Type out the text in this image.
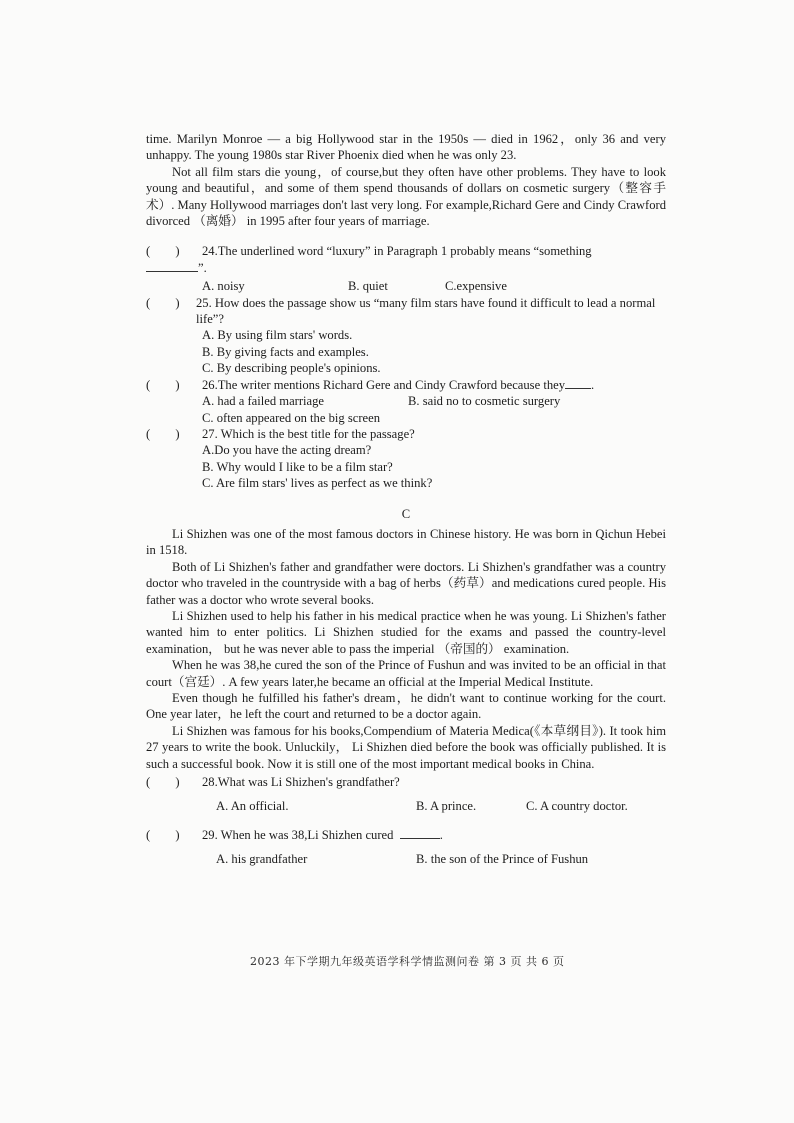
time. Marilyn Monroe — a big Hollywood star in the 1950s — died in 1962，only 36 and very unhappy. The young 1980s star River Phoenix died when he was only 23.

Not all film stars die young，of course,but they often have other problems. They have to look young and beautiful，and some of them spend thousands of dollars on cosmetic surgery（整容手术）. Many Hollywood marriages don't last very long. For example,Richard Gere and Cindy Crawford divorced （离婚） in 1995 after four years of marriage.

(　　)	24.The underlined word “luxury” in Paragraph 1 probably means “something

”.

A. noisy	B. quiet	C.expensive
(　　)	25. How does the passage show us “many film stars have found it difficult to lead a normal life”?

A. By using film stars' words.

B. By giving facts and examples.

C. By describing people's opinions.

(　　)	26.The writer mentions Richard Gere and Cindy Crawford because they .
A. had a failed marriage	B. said no to cosmetic surgery

C. often appeared on the big screen

(　　)	27. Which is the best title for the passage?

A.Do you have the acting dream?

B. Why would I like to be a film star?

C. Are film stars' lives as perfect as we think?

C

Li Shizhen was one of the most famous doctors in Chinese history. He was born in Qichun Hebei in 1518.

Both of Li Shizhen's father and grandfather were doctors. Li Shizhen's grandfather was a country doctor who traveled in the countryside with a bag of herbs（药草）and medications cured people. His father was a doctor who wrote several books.

Li Shizhen used to help his father in his medical practice when he was young. Li Shizhen's father wanted him to enter politics. Li Shizhen studied for the exams and passed the country-level examination， but he was never able to pass the imperial （帝国的） examination.

When he was 38,he cured the son of the Prince of Fushun and was invited to be an official in that court（宫廷）. A few years later,he became an official at the Imperial Medical Institute.

Even though he fulfilled his father's dream，he didn't want to continue working for the court. One year later，he left the court and returned to be a doctor again.

Li Shizhen was famous for his books,Compendium of Materia Medica(《本草纲目》). It took him 27 years to write the book. Unluckily， Li Shizhen died before the book was officially published. It is such a successful book. Now it is still one of the most important medical books in China.

(　　)	28.What was Li Shizhen's grandfather?
A. An official.	B. A prince.	C. A country doctor.
(　　)	29. When he was 38,Li Shizhen cured	.
A. his grandfather	B. the son of the Prince of Fushun
2023 年下学期九年级英语学科学情监测问卷 第 3 页 共 6 页
